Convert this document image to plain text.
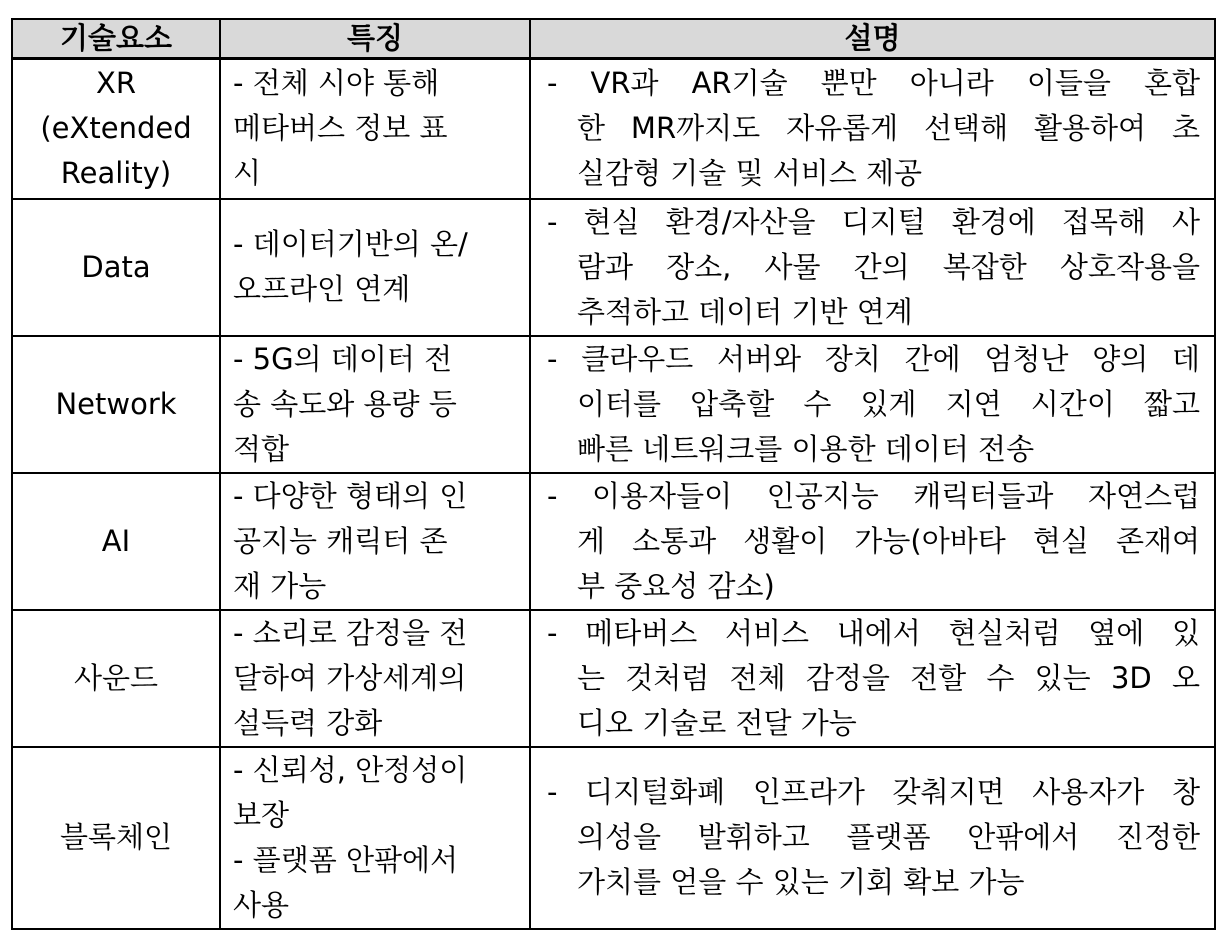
기술요소	특징	설명

XR
(eXtended
Reality)	- 전체 시야 통해
메타버스 정보 표
시	- VR과 AR기술 뿐만 아니라 이들을 혼합
한 MR까지도 자유롭게 선택해 활용하여 초
실감형 기술 및 서비스 제공

Data	- 데이터기반의 온/
오프라인 연계	- 현실 환경/자산을 디지털 환경에 접목해 사
람과 장소, 사물 간의 복잡한 상호작용을
추적하고 데이터 기반 연계

Network	- 5G의 데이터 전
송 속도와 용량 등
적합	- 클라우드 서버와 장치 간에 엄청난 양의 데
이터를 압축할 수 있게 지연 시간이 짧고
빠른 네트워크를 이용한 데이터 전송

AI	- 다양한 형태의 인
공지능 캐릭터 존
재 가능	- 이용자들이 인공지능 캐릭터들과 자연스럽
게 소통과 생활이 가능(아바타 현실 존재여
부 중요성 감소)

사운드	- 소리로 감정을 전
달하여 가상세계의
설득력 강화	- 메타버스 서비스 내에서 현실처럼 옆에 있
는 것처럼 전체 감정을 전할 수 있는 3D 오
디오 기술로 전달 가능

블록체인	- 신뢰성, 안정성이
보장
- 플랫폼 안팎에서
사용	- 디지털화폐 인프라가 갖춰지면 사용자가 창
의성을 발휘하고 플랫폼 안팎에서 진정한
가치를 얻을 수 있는 기회 확보 가능
